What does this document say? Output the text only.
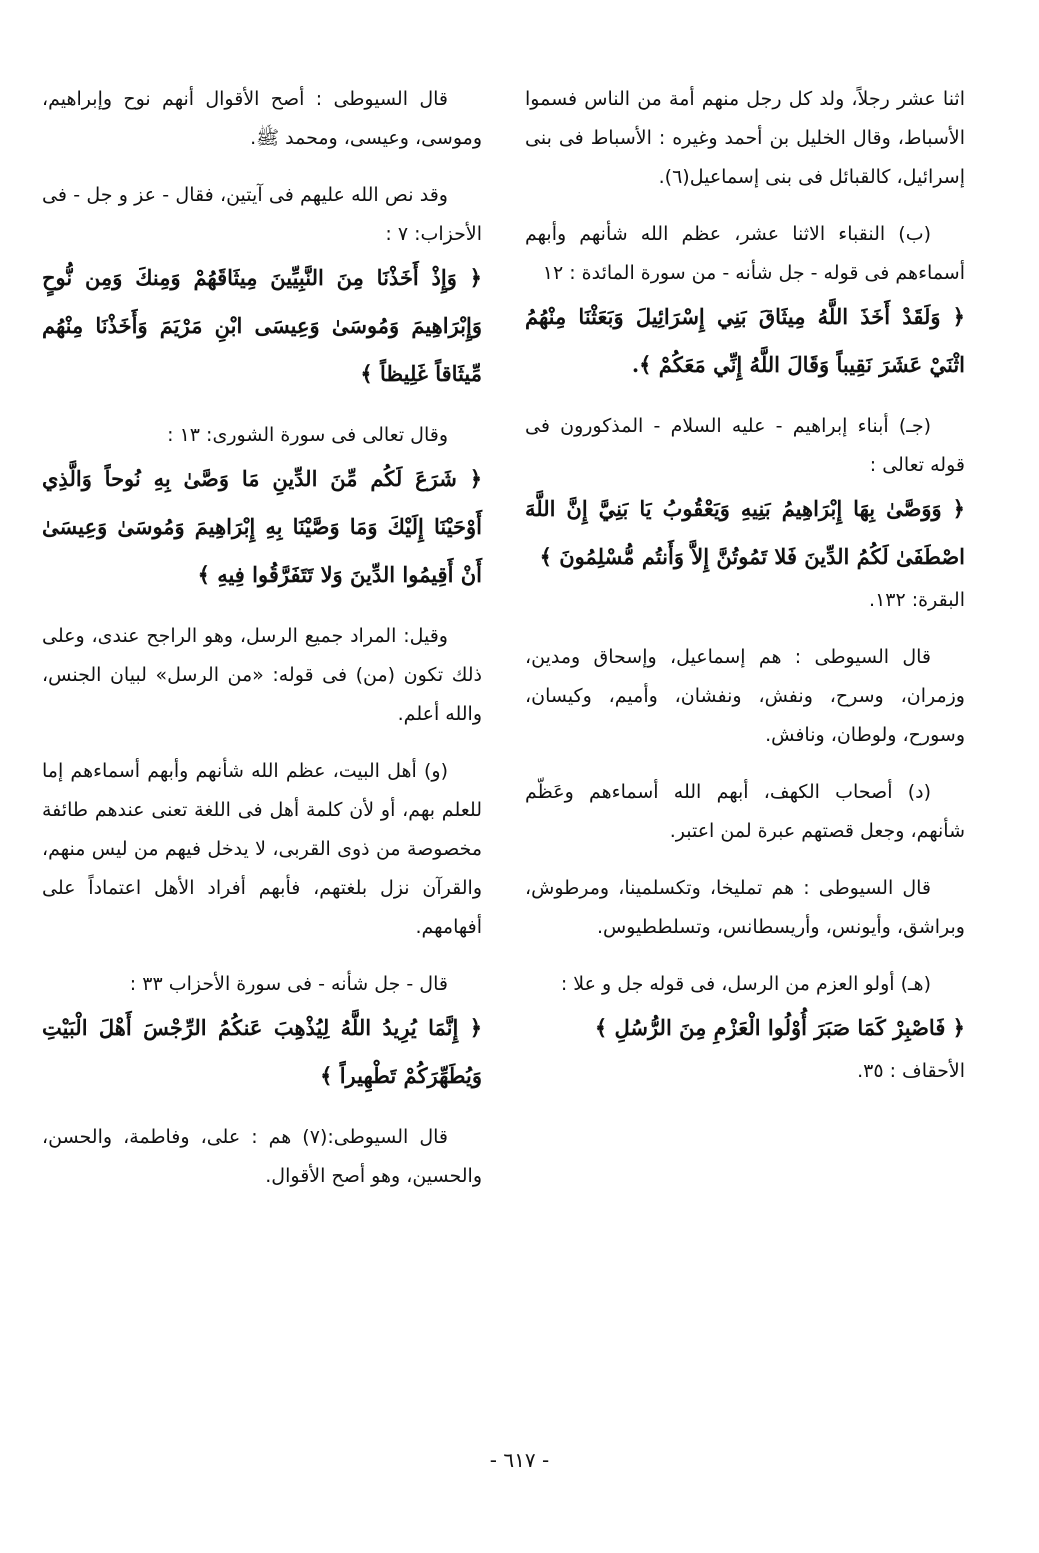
اثنا عشر رجلاً، ولد كل رجل منهم أمة من الناس فسموا الأسباط، وقال الخليل بن أحمد وغيره : الأسباط فى بنى إسرائيل، كالقبائل فى بنى إسماعيل(٦).

(ب) النقباء الاثنا عشر، عظم الله شأنهم وأبهم أسماءهم فى قوله - جل شأنه - من سورة المائدة : ١٢

﴿ وَلَقَدْ أَخَذَ اللَّهُ مِيثَاقَ بَنِي إِسْرَائِيلَ وَبَعَثْنَا مِنْهُمُ اثْنَيْ عَشَرَ نَقِيباً وَقَالَ اللَّهُ إِنِّي مَعَكُمْ ﴾.

(جـ) أبناء إبراهيم - عليه السلام - المذكورون فى قوله تعالى :

﴿ وَوَصَّىٰ بِهَا إِبْرَاهِيمُ بَنِيهِ وَيَعْقُوبُ يَا بَنِيَّ إِنَّ اللَّهَ اصْطَفَىٰ لَكُمُ الدِّينَ فَلا تَمُوتُنَّ إِلاَّ وَأَنتُم مُّسْلِمُونَ ﴾

البقرة: ١٣٢.

قال السيوطى : هم إسماعيل، وإسحاق ومدين، وزمران، وسرح، ونفش، ونفشان، وأميم، وكيسان، وسورح، ولوطان، ونافش.

(د) أصحاب الكهف، أبهم الله أسماءهم وعَظّم شأنهم، وجعل قصتهم عبرة لمن اعتبر.

قال السيوطى : هم تمليخا، وتكسلمينا، ومرطوش، وبراشق، وأيونس، وأريسطانس، وتسلططيوس.

(هـ) أولو العزم من الرسل، فى قوله جل و علا :

﴿ فَاصْبِرْ كَمَا صَبَرَ أُوْلُوا الْعَزْمِ مِنَ الرُّسُلِ ﴾

الأحقاف : ٣٥.

قال السيوطى : أصح الأقوال أنهم نوح وإبراهيم، وموسى، وعيسى، ومحمد ﷺ.

وقد نص الله عليهم فى آيتين، فقال - عز و جل - فى الأحزاب: ٧ :

﴿ وَإِذْ أَخَذْنَا مِنَ النَّبِيِّينَ مِيثَاقَهُمْ وَمِنكَ وَمِن نُّوحٍ وَإِبْرَاهِيمَ وَمُوسَىٰ وَعِيسَى ابْنِ مَرْيَمَ وَأَخَذْنَا مِنْهُم مِّيثَاقاً غَلِيظاً ﴾

وقال تعالى فى سورة الشورى: ١٣ :

﴿ شَرَعَ لَكُم مِّنَ الدِّينِ مَا وَصَّىٰ بِهِ نُوحاً وَالَّذِي أَوْحَيْنَا إِلَيْكَ وَمَا وَصَّيْنَا بِهِ إِبْرَاهِيمَ وَمُوسَىٰ وَعِيسَىٰ أَنْ أَقِيمُوا الدِّينَ وَلا تَتَفَرَّقُوا فِيهِ ﴾

وقيل: المراد جميع الرسل، وهو الراجح عندى، وعلى ذلك تكون (من) فى قوله: «من الرسل» لبيان الجنس، والله أعلم.

(و) أهل البيت، عظم الله شأنهم وأبهم أسماءهم إما للعلم بهم، أو لأن كلمة أهل فى اللغة تعنى عندهم طائفة مخصوصة من ذوى القربى، لا يدخل فيهم من ليس منهم، والقرآن نزل بلغتهم، فأبهم أفراد الأهل اعتماداً على أفهامهم.

قال - جل شأنه - فى سورة الأحزاب ٣٣ :

﴿ إِنَّمَا يُرِيدُ اللَّهُ لِيُذْهِبَ عَنكُمُ الرِّجْسَ أَهْلَ الْبَيْتِ وَيُطَهِّرَكُمْ تَطْهِيراً ﴾

قال السيوطى:(٧) هم : على، وفاطمة، والحسن، والحسين، وهو أصح الأقوال.

- ٦١٧ -
